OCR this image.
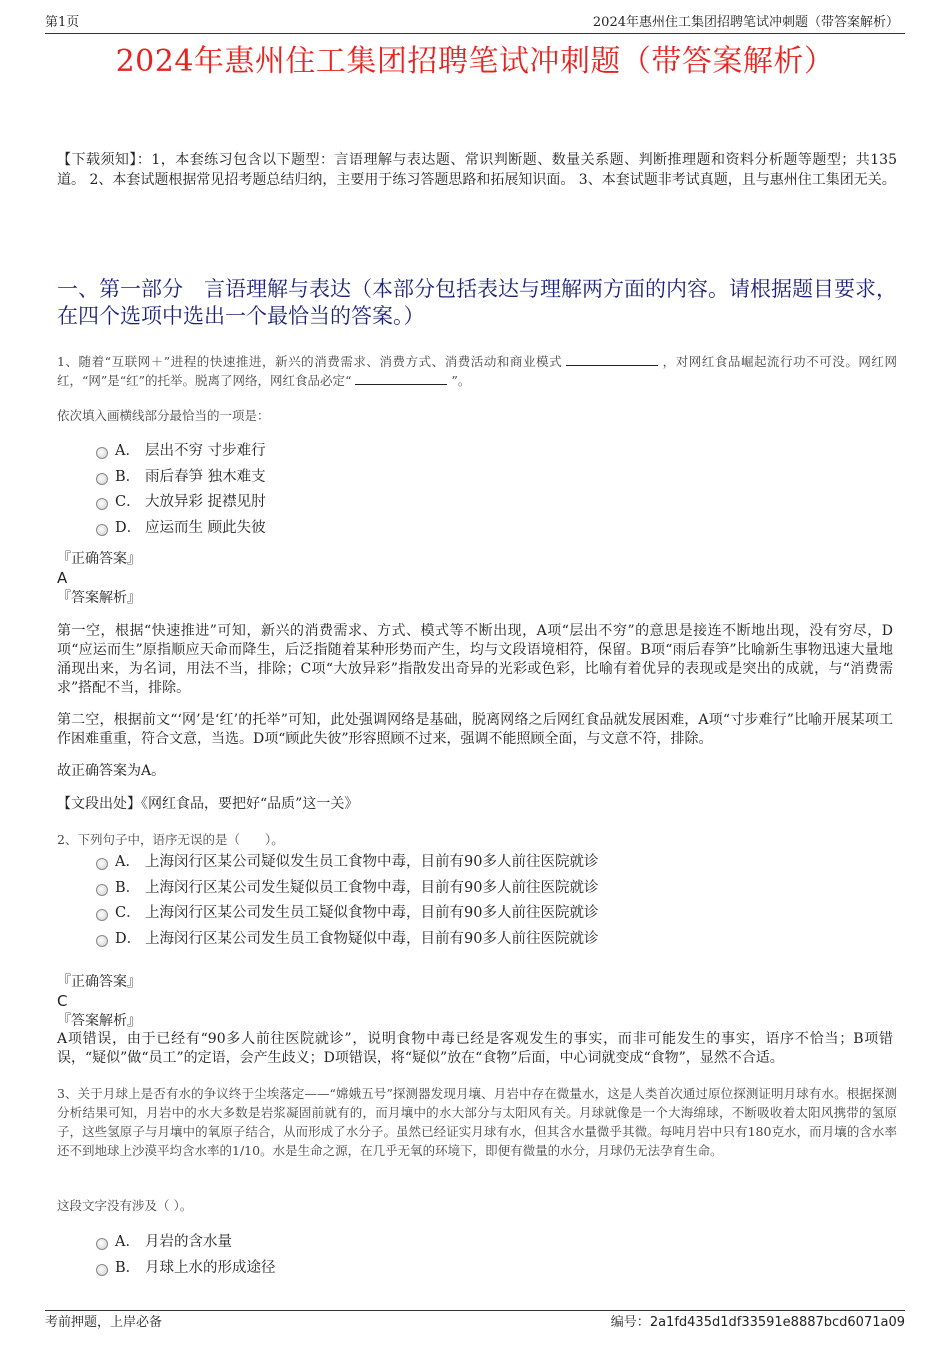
第1页	2024年惠州住工集团招聘笔试冲刺题（带答案解析）
2024年惠州住工集团招聘笔试冲刺题（带答案解析）
【下载须知】：1，本套练习包含以下题型：言语理解与表达题、常识判断题、数量关系题、判断推理题和资料分析题等题型；共135道。 2、本套试题根据常见招考题总结归纳，主要用于练习答题思路和拓展知识面。 3、本套试题非考试真题，且与惠州住工集团无关。
一、第一部分　言语理解与表达（本部分包括表达与理解两方面的内容。请根据题目要求，在四个选项中选出一个最恰当的答案。）
1、随着“互联网＋”进程的快速推进，新兴的消费需求、消费方式、消费活动和商业模式	，对网红食品崛起流行功不可没。网红网红，“网”是“红”的托举。脱离了网络，网红食品必定“	”。
依次填入画横线部分最恰当的一项是：
A． 层出不穷 寸步难行
B． 雨后春笋 独木难支
C． 大放异彩 捉襟见肘
D． 应运而生 顾此失彼
『正确答案』
A
『答案解析』
第一空，根据“快速推进”可知，新兴的消费需求、方式、模式等不断出现，A项“层出不穷”的意思是接连不断地出现，没有穷尽，D项“应运而生”原指顺应天命而降生，后泛指随着某种形势而产生，均与文段语境相符，保留。B项“雨后春笋”比喻新生事物迅速大量地涌现出来，为名词，用法不当，排除；C项“大放异彩”指散发出奇异的光彩或色彩，比喻有着优异的表现或是突出的成就，与“消费需求”搭配不当，排除。
第二空，根据前文“‘网’是‘红’的托举”可知，此处强调网络是基础，脱离网络之后网红食品就发展困难，A项“寸步难行”比喻开展某项工作困难重重，符合文意，当选。D项“顾此失彼”形容照顾不过来，强调不能照顾全面，与文意不符，排除。
故正确答案为A。
【文段出处】《网红食品，要把好“品质”这一关》
2、下列句子中，语序无误的是（　　）。
A． 上海闵行区某公司疑似发生员工食物中毒，目前有90多人前往医院就诊
B． 上海闵行区某公司发生疑似员工食物中毒，目前有90多人前往医院就诊
C． 上海闵行区某公司发生员工疑似食物中毒，目前有90多人前往医院就诊
D． 上海闵行区某公司发生员工食物疑似中毒，目前有90多人前往医院就诊
『正确答案』
C
『答案解析』
A项错误，由于已经有“90多人前往医院就诊”，说明食物中毒已经是客观发生的事实，而非可能发生的事实，语序不恰当；B项错误，“疑似”做“员工”的定语，会产生歧义；D项错误，将“疑似”放在“食物”后面，中心词就变成“食物”，显然不合适。
3、关于月球上是否有水的争议终于尘埃落定——“嫦娥五号”探测器发现月壤、月岩中存在微量水，这是人类首次通过原位探测证明月球有水。根据探测分析结果可知，月岩中的水大多数是岩浆凝固前就有的，而月壤中的水大部分与太阳风有关。月球就像是一个大海绵球，不断吸收着太阳风携带的氢原子，这些氢原子与月壤中的氧原子结合，从而形成了水分子。虽然已经证实月球有水，但其含水量微乎其微。每吨月岩中只有180克水，而月壤的含水率还不到地球上沙漠平均含水率的1/10。水是生命之源，在几乎无氧的环境下，即便有微量的水分，月球仍无法孕育生命。
这段文字没有涉及（ ）。
A． 月岩的含水量
B． 月球上水的形成途径
考前押题，上岸必备	编号：2a1fd435d1df33591e8887bcd6071a09
